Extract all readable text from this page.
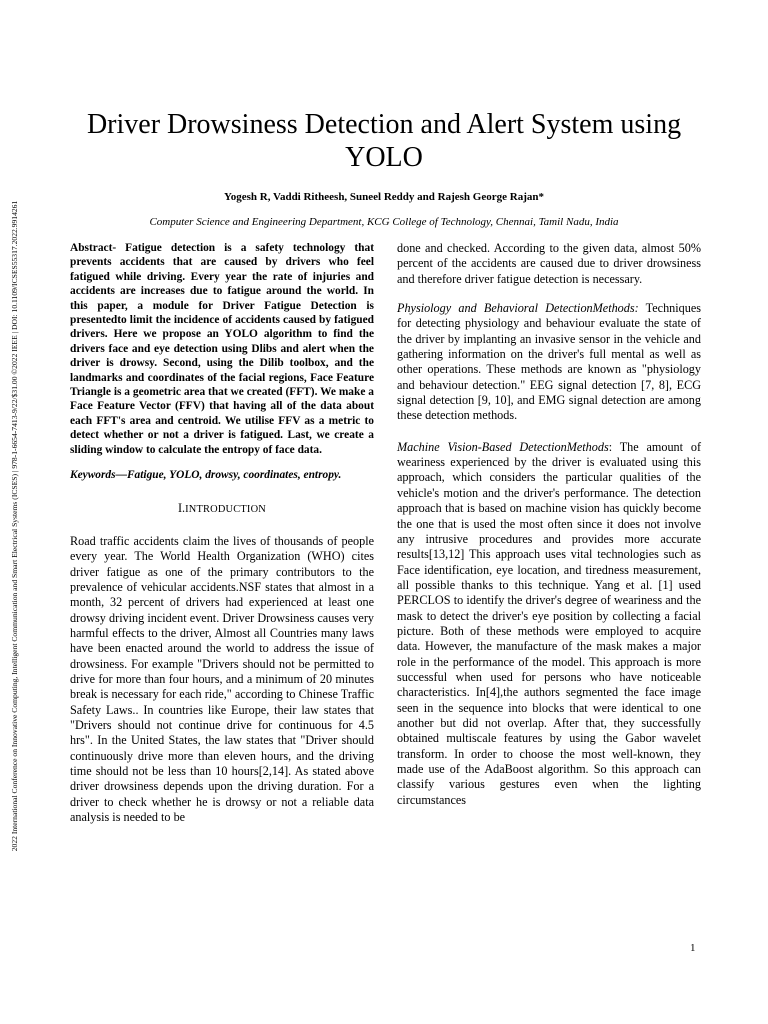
2022 International Conference on Innovative Computing, Intelligent Communication and Smart Electrical Systems (ICSES) | 978-1-6654-7413-9/22/$31.00 ©2022 IEEE | DOI: 10.1109/ICSES55317.2022.9914261
Driver Drowsiness Detection and Alert System using YOLO
Yogesh R, Vaddi Ritheesh, Suneel Reddy and Rajesh George Rajan*
Computer Science and Engineering Department, KCG College of Technology, Chennai, Tamil Nadu, India

Abstract- Fatigue detection is a safety technology that prevents accidents that are caused by drivers who feel fatigued while driving. Every year the rate of injuries and accidents are increases due to fatigue around the world. In this paper, a module for Driver Fatigue Detection is presentedto limit the incidence of accidents caused by fatigued drivers. Here we propose an YOLO algorithm to find the drivers face and eye detection using Dlibs and alert when the driver is drowsy. Second, using the Dilib toolbox, and the landmarks and coordinates of the facial regions, Face Feature Triangle is a geometric area that we created (FFT). We make a Face Feature Vector (FFV) that having all of the data about each FFT's area and centroid. We utilise FFV as a metric to detect whether or not a driver is fatigued. Last, we create a sliding window to calculate the entropy of face data.

Keywords—Fatigue, YOLO, drowsy, coordinates, entropy.

I.INTRODUCTION

Road traffic accidents claim the lives of thousands of people every year. The World Health Organization (WHO) cites driver fatigue as one of the primary contributors to the prevalence of vehicular accidents.NSF states that almost in a month, 32 percent of drivers had experienced at least one drowsy driving incident event. Driver Drowsiness causes very harmful effects to the driver, Almost all Countries many laws have been enacted around the world to address the issue of drowsiness. For example "Drivers should not be permitted to drive for more than four hours, and a minimum of 20 minutes break is necessary for each ride," according to Chinese Traffic Safety Laws.. In countries like Europe, their law states that "Drivers should not continue drive for continuous for 4.5 hrs". In the United States, the law states that "Driver should continuously drive more than eleven hours, and the driving time should not be less than 10 hours[2,14]. As stated above driver drowsiness depends upon the driving duration. For a driver to check whether he is drowsy or not a reliable data analysis is needed to be

done and checked. According to the given data, almost 50% percent of the accidents are caused due to driver drowsiness and therefore driver fatigue detection is necessary.

Physiology and Behavioral DetectionMethods: Techniques for detecting physiology and behaviour evaluate the state of the driver by implanting an invasive sensor in the vehicle and gathering information on the driver's full mental as well as other operations. These methods are known as "physiology and behaviour detection." EEG signal detection [7, 8], ECG signal detection [9, 10], and EMG signal detection are among these detection methods.

Machine Vision-Based DetectionMethods: The amount of weariness experienced by the driver is evaluated using this approach, which considers the particular qualities of the vehicle's motion and the driver's performance. The detection approach that is based on machine vision has quickly become the one that is used the most often since it does not involve any intrusive procedures and provides more accurate results[13,12] This approach uses vital technologies such as Face identification, eye location, and tiredness measurement, all possible thanks to this technique. Yang et al. [1] used PERCLOS to identify the driver's degree of weariness and the mask to detect the driver's eye position by collecting a facial picture. Both of these methods were employed to acquire data. However, the manufacture of the mask makes a major role in the performance of the model. This approach is more successful when used for persons who have noticeable characteristics. In[4],the authors segmented the face image seen in the sequence into blocks that were identical to one another but did not overlap. After that, they successfully obtained multiscale features by using the Gabor wavelet transform. In order to choose the most well-known, they made use of the AdaBoost algorithm. So this approach can classify various gestures even when the lighting circumstances

1
